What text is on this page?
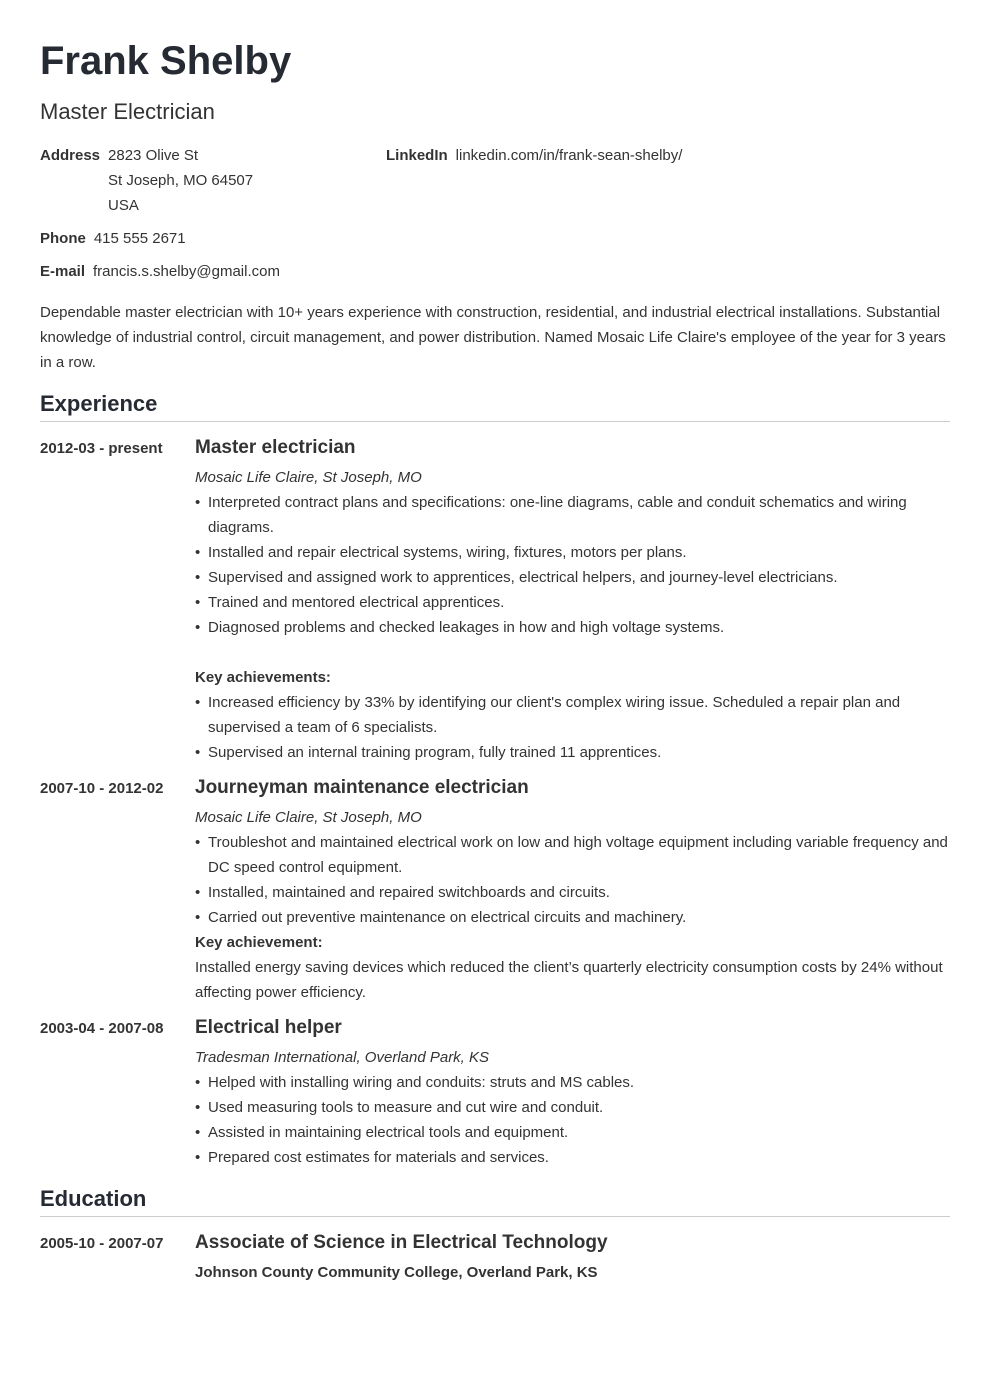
Frank Shelby
Master Electrician
Address 2823 Olive St
St Joseph, MO 64507
USA
LinkedIn linkedin.com/in/frank-sean-shelby/
Phone 415 555 2671
E-mail francis.s.shelby@gmail.com

Dependable master electrician with 10+ years experience with construction, residential, and industrial electrical installations. Substantial knowledge of industrial control, circuit management, and power distribution. Named Mosaic Life Claire's employee of the year for 3 years in a row.

Experience
2012-03 - present	Master electrician
Mosaic Life Claire, St Joseph, MO
• Interpreted contract plans and specifications: one-line diagrams, cable and conduit schematics and wiring diagrams.
• Installed and repair electrical systems, wiring, fixtures, motors per plans.
• Supervised and assigned work to apprentices, electrical helpers, and journey-level electricians.
• Trained and mentored electrical apprentices.
• Diagnosed problems and checked leakages in how and high voltage systems.
Key achievements:
• Increased efficiency by 33% by identifying our client's complex wiring issue. Scheduled a repair plan and supervised a team of 6 specialists.
• Supervised an internal training program, fully trained 11 apprentices.
2007-10 - 2012-02	Journeyman maintenance electrician
Mosaic Life Claire, St Joseph, MO
• Troubleshot and maintained electrical work on low and high voltage equipment including variable frequency and DC speed control equipment.
• Installed, maintained and repaired switchboards and circuits.
• Carried out preventive maintenance on electrical circuits and machinery.
Key achievement:
Installed energy saving devices which reduced the client’s quarterly electricity consumption costs by 24% without affecting power efficiency.
2003-04 - 2007-08	Electrical helper
Tradesman International, Overland Park, KS
• Helped with installing wiring and conduits: struts and MS cables.
• Used measuring tools to measure and cut wire and conduit.
• Assisted in maintaining electrical tools and equipment.
• Prepared cost estimates for materials and services.
Education
2005-10 - 2007-07	Associate of Science in Electrical Technology
Johnson County Community College, Overland Park, KS
